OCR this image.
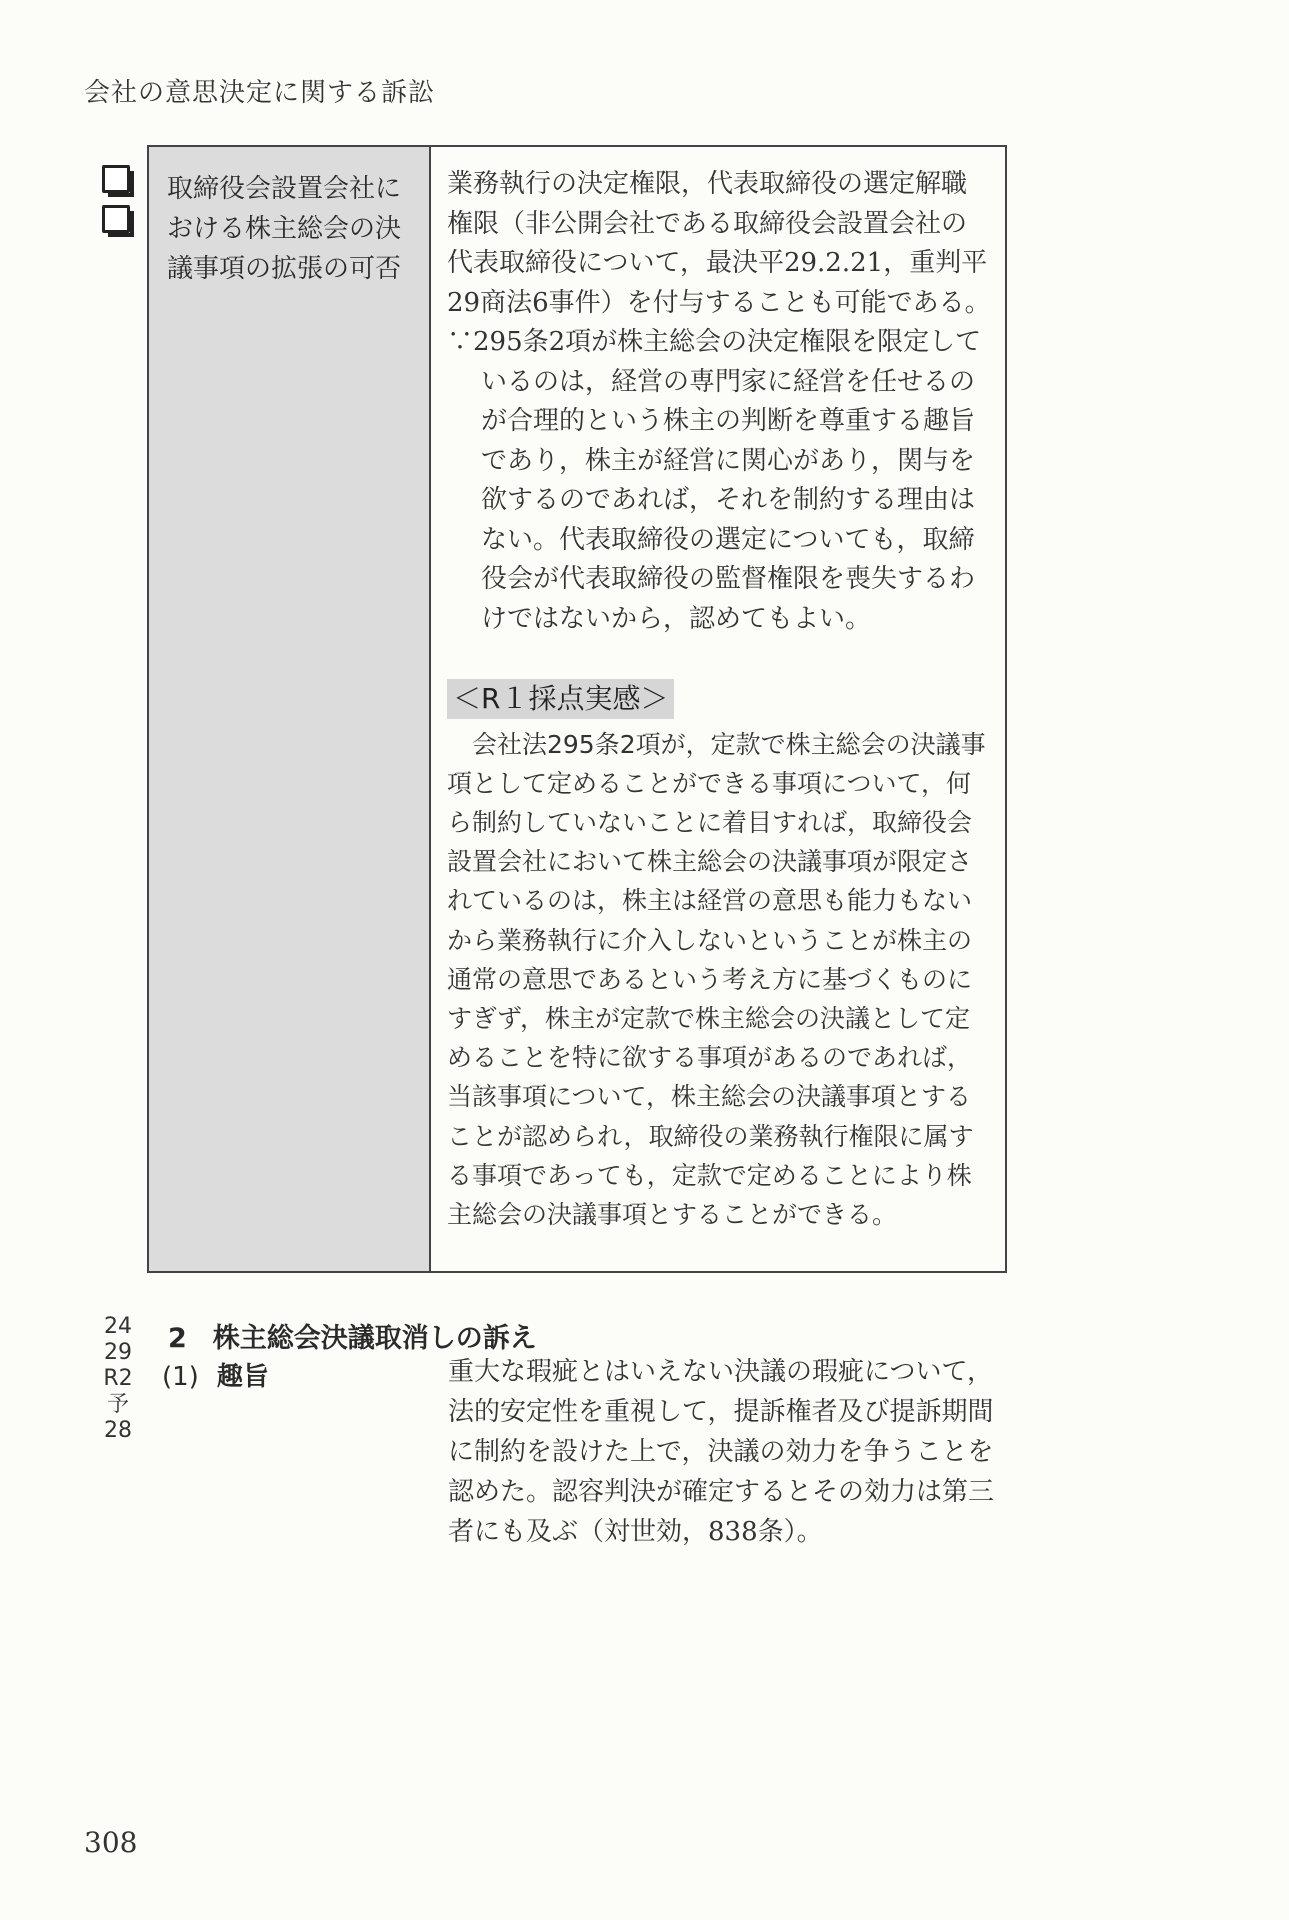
会社の意思決定に関する訴訟
取締役会設置会社における株主総会の決議事項の拡張の可否

業務執行の決定権限，代表取締役の選定解職権限（非公開会社である取締役会設置会社の代表取締役について，最決平29.2.21，重判平29商法6事件）を付与することも可能である。

∵295条2項が株主総会の決定権限を限定しているのは，経営の専門家に経営を任せるのが合理的という株主の判断を尊重する趣旨であり，株主が経営に関心があり，関与を欲するのであれば，それを制約する理由はない。代表取締役の選定についても，取締役会が代表取締役の監督権限を喪失するわけではないから，認めてもよい。

＜R１採点実感＞

会社法295条2項が，定款で株主総会の決議事項として定めることができる事項について，何ら制約していないことに着目すれば，取締役会設置会社において株主総会の決議事項が限定されているのは，株主は経営の意思も能力もないから業務執行に介入しないということが株主の通常の意思であるという考え方に基づくものにすぎず，株主が定款で株主総会の決議として定めることを特に欲する事項があるのであれば，当該事項について，株主総会の決議事項とすることが認められ，取締役の業務執行権限に属する事項であっても，定款で定めることにより株主総会の決議事項とすることができる。

24
29
R2
予
28
2 株主総会決議取消しの訴え
(1) 趣旨	重大な瑕疵とはいえない決議の瑕疵について，法的安定性を重視して，提訴権者及び提訴期間に制約を設けた上で，決議の効力を争うことを認めた。認容判決が確定するとその効力は第三者にも及ぶ（対世効，838条）。

308
